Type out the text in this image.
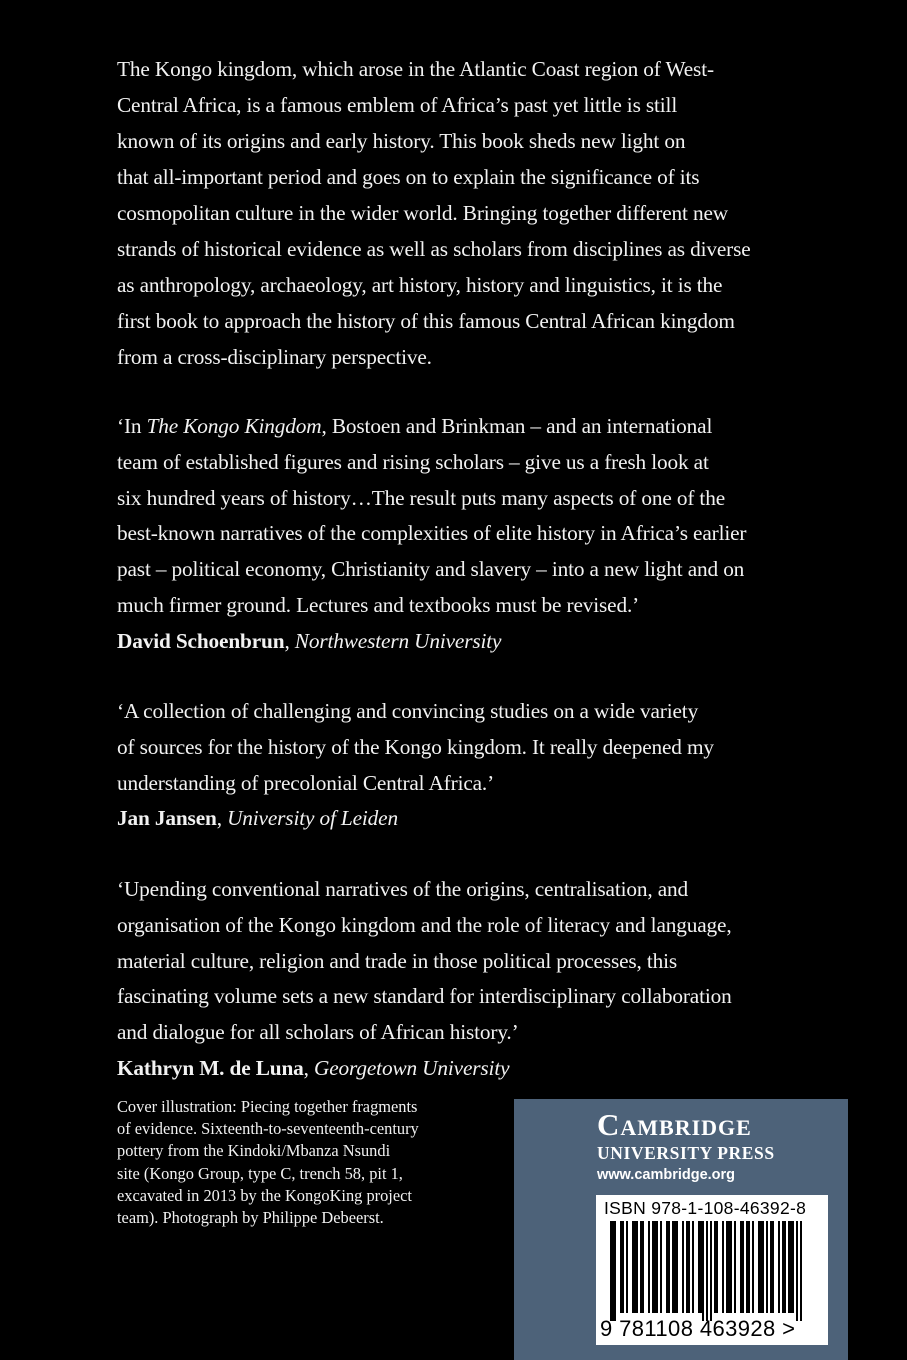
The Kongo kingdom, which arose in the Atlantic Coast region of West-
Central Africa, is a famous emblem of Africa’s past yet little is still
known of its origins and early history. This book sheds new light on
that all-important period and goes on to explain the significance of its
cosmopolitan culture in the wider world. Bringing together different new
strands of historical evidence as well as scholars from disciplines as diverse
as anthropology, archaeology, art history, history and linguistics, it is the
first book to approach the history of this famous Central African kingdom
from a cross-disciplinary perspective.
‘In The Kongo Kingdom, Bostoen and Brinkman – and an international
team of established figures and rising scholars – give us a fresh look at
six hundred years of history…The result puts many aspects of one of the
best-known narratives of the complexities of elite history in Africa’s earlier
past – political economy, Christianity and slavery – into a new light and on
much firmer ground. Lectures and textbooks must be revised.’
David Schoenbrun, Northwestern University
‘A collection of challenging and convincing studies on a wide variety
of sources for the history of the Kongo kingdom. It really deepened my
understanding of precolonial Central Africa.’
Jan Jansen, University of Leiden
‘Upending conventional narratives of the origins, centralisation, and
organisation of the Kongo kingdom and the role of literacy and language,
material culture, religion and trade in those political processes, this
fascinating volume sets a new standard for interdisciplinary collaboration
and dialogue for all scholars of African history.’
Kathryn M. de Luna, Georgetown University
Cover illustration: Piecing together fragments
of evidence. Sixteenth-to-seventeenth-century
pottery from the Kindoki/Mbanza Nsundi
site (Kongo Group, type C, trench 58, pit 1,
excavated in 2013 by the KongoKing project
team). Photograph by Philippe Debeerst.
Cambridge
UNIVERSITY PRESS
www.cambridge.org
ISBN 978-1-108-46392-8
9 781108 463928 >
